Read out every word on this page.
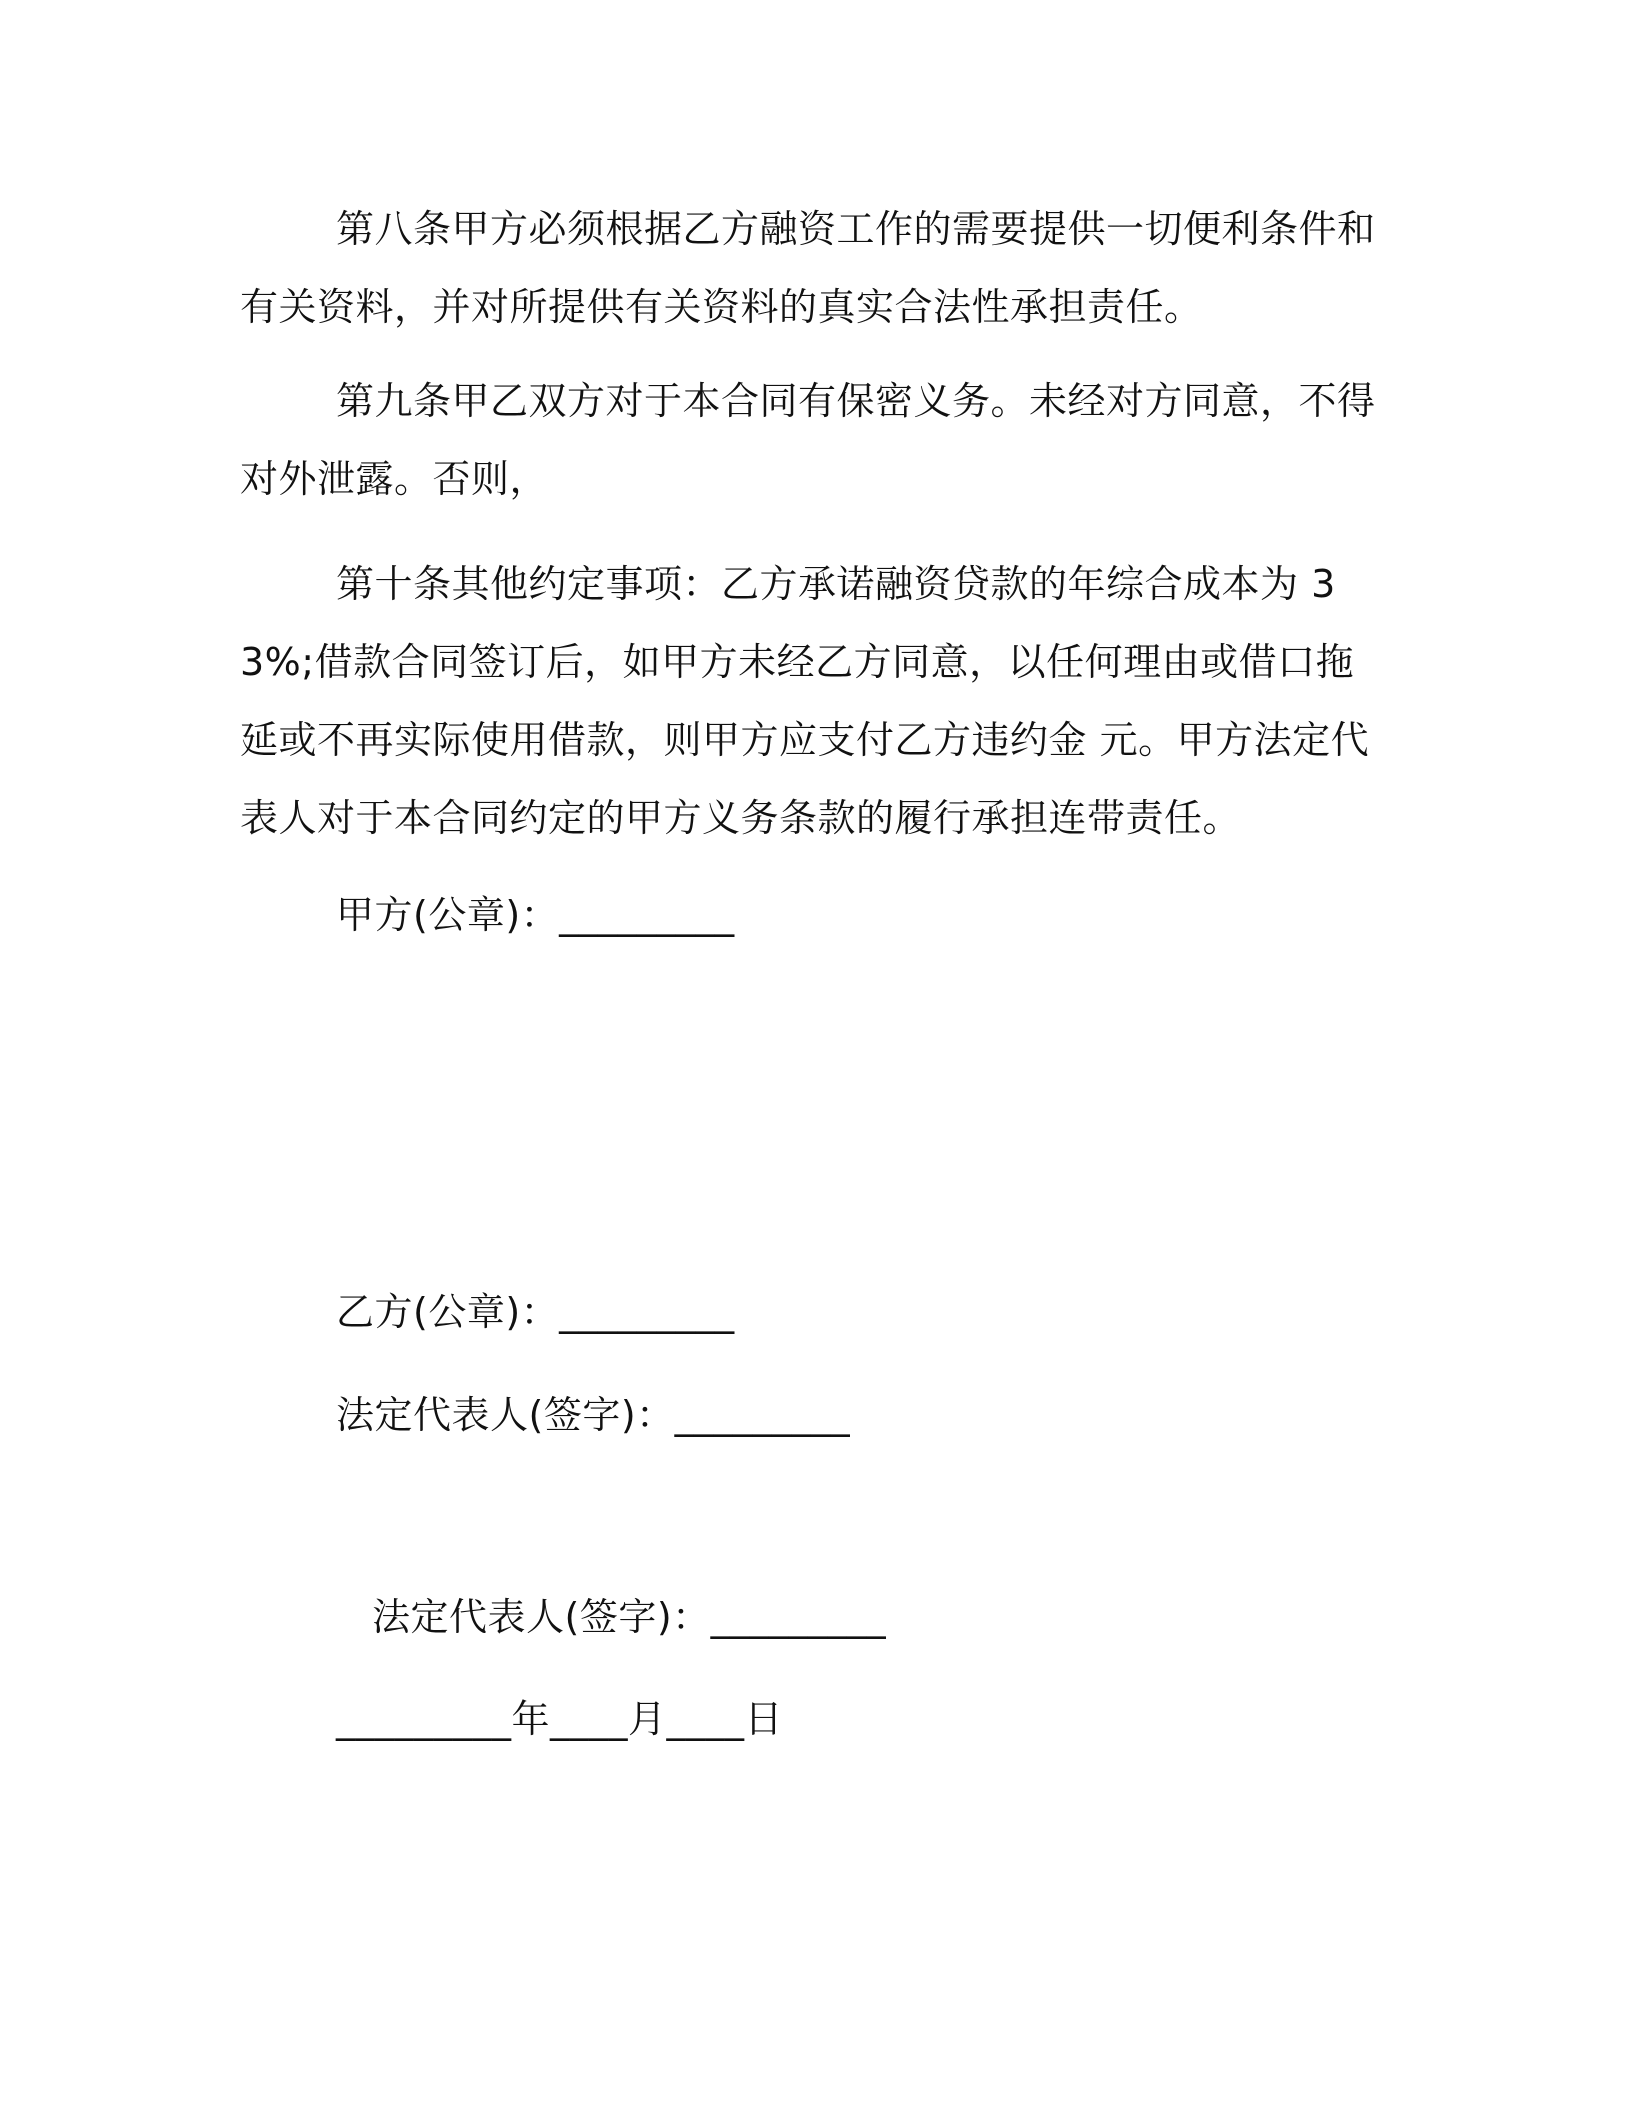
第八条甲方必须根据乙方融资工作的需要提供一切便利条件和有关资料，并对所提供有关资料的真实合法性承担责任。

第九条甲乙双方对于本合同有保密义务。未经对方同意，不得对外泄露。否则，

第十条其他约定事项：乙方承诺融资贷款的年综合成本为 33%;借款合同签订后，如甲方未经乙方同意，以任何理由或借口拖延或不再实际使用借款，则甲方应支付乙方违约金 元。甲方法定代表人对于本合同约定的甲方义务条款的履行承担连带责任。

甲方(公章)：_________

乙方(公章)：_________

法定代表人(签字)：_________

法定代表人(签字)：_________

_________年____月____日
